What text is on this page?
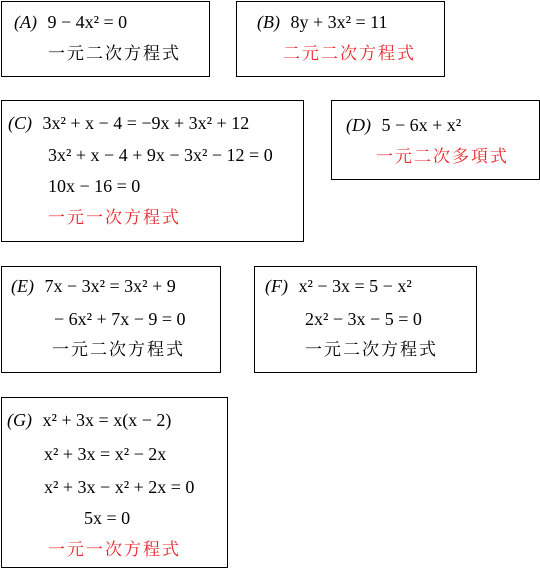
(A) 9 − 4x² = 0
一元二次方程式
(B) 8y + 3x² = 11
二元二次方程式
(C) 3x² + x − 4 = −9x + 3x² + 12
3x² + x − 4 + 9x − 3x² − 12 = 0
10x − 16 = 0
一元一次方程式
(D) 5 − 6x + x²
一元二次多項式
(E) 7x − 3x² = 3x² + 9
− 6x² + 7x − 9 = 0
一元二次方程式
(F) x² − 3x = 5 − x²
2x² − 3x − 5 = 0
一元二次方程式
(G) x² + 3x = x(x − 2)
x² + 3x = x² − 2x
x² + 3x − x² + 2x = 0
5x = 0
一元一次方程式
